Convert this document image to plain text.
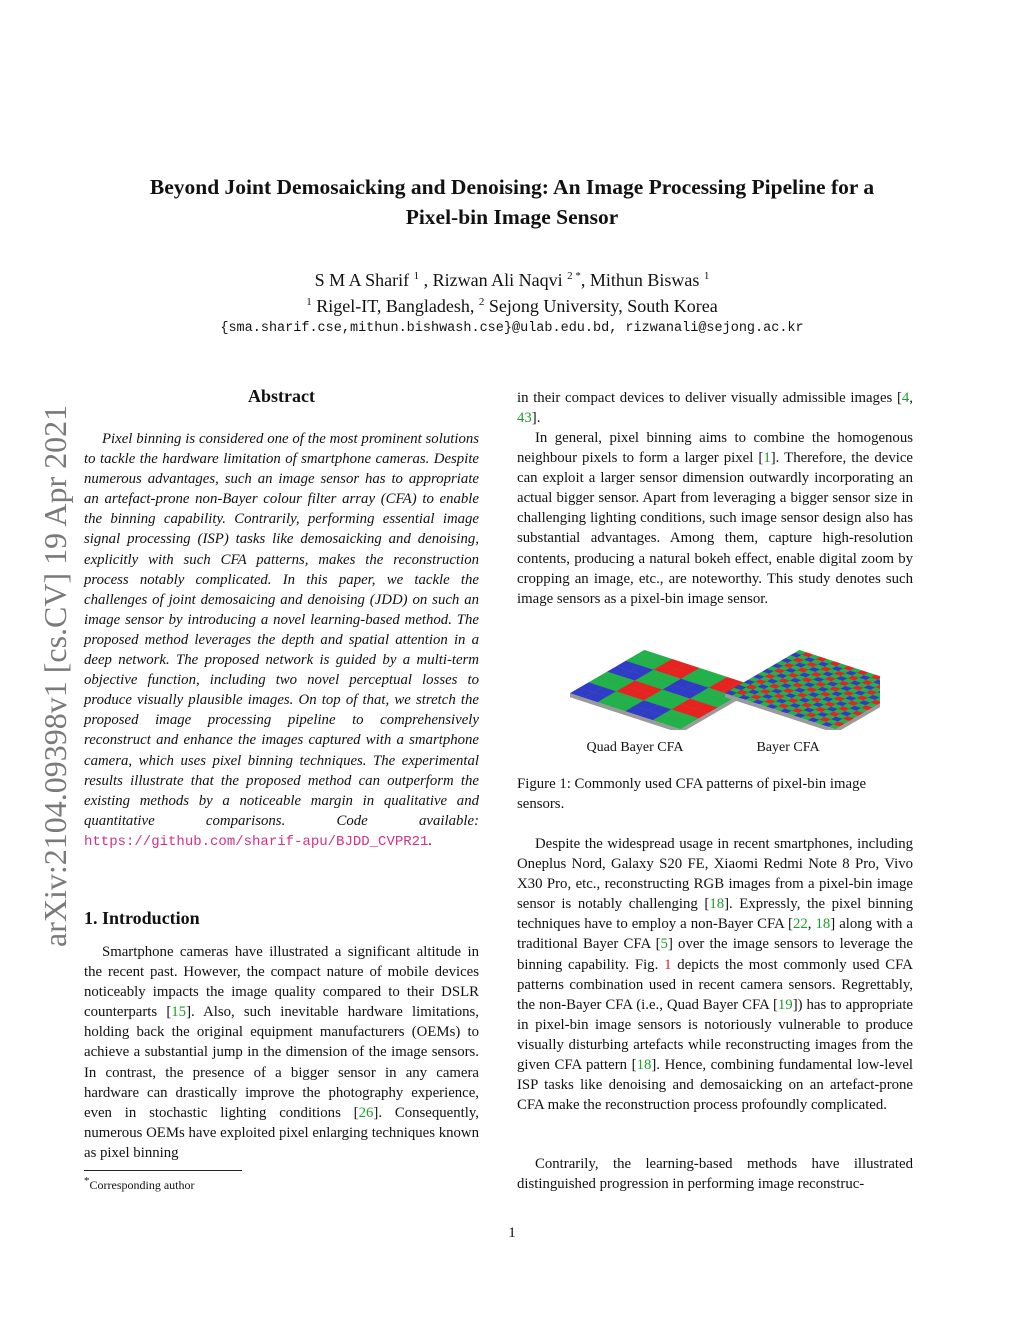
arXiv:2104.09398v1 [cs.CV] 19 Apr 2021
Beyond Joint Demosaicking and Denoising: An Image Processing Pipeline for a
Pixel-bin Image Sensor
S M A Sharif $^1$ , Rizwan Ali Naqvi $^{2 *}$, Mithun Biswas $^1$
$^1$ Rigel-IT, Bangladesh, $^2$ Sejong University, South Korea
{sma.sharif.cse,mithun.bishwash.cse}@ulab.edu.bd, rizwanali@sejong.ac.kr
Abstract

Pixel binning is considered one of the most prominent solutions to tackle the hardware limitation of smartphone cameras. Despite numerous advantages, such an image sensor has to appropriate an artefact-prone non-Bayer colour filter array (CFA) to enable the binning capability. Contrarily, performing essential image signal processing (ISP) tasks like demosaicking and denoising, explicitly with such CFA patterns, makes the reconstruction process notably complicated. In this paper, we tackle the challenges of joint demosaicing and denoising (JDD) on such an image sensor by introducing a novel learning-based method. The proposed method leverages the depth and spatial attention in a deep network. The proposed network is guided by a multi-term objective function, including two novel perceptual losses to produce visually plausible images. On top of that, we stretch the proposed image processing pipeline to comprehensively reconstruct and enhance the images captured with a smartphone camera, which uses pixel binning techniques. The experimental results illustrate that the proposed method can outperform the existing methods by a noticeable margin in qualitative and quantitative comparisons. Code available: https://github.com/sharif-apu/BJDD_CVPR21.

1. Introduction

Smartphone cameras have illustrated a significant altitude in the recent past. However, the compact nature of mobile devices noticeably impacts the image quality compared to their DSLR counterparts [15]. Also, such inevitable hardware limitations, holding back the original equipment manufacturers (OEMs) to achieve a substantial jump in the dimension of the image sensors. In contrast, the presence of a bigger sensor in any camera hardware can drastically improve the photography experience, even in stochastic lighting conditions [26]. Consequently, numerous OEMs have exploited pixel enlarging techniques known as pixel binning

*Corresponding author

in their compact devices to deliver visually admissible images [4, 43].

In general, pixel binning aims to combine the homogenous neighbour pixels to form a larger pixel [1]. Therefore, the device can exploit a larger sensor dimension outwardly incorporating an actual bigger sensor. Apart from leveraging a bigger sensor size in challenging lighting conditions, such image sensor design also has substantial advantages. Among them, capture high-resolution contents, producing a natural bokeh effect, enable digital zoom by cropping an image, etc., are noteworthy. This study denotes such image sensors as a pixel-bin image sensor.

Quad Bayer CFA	Bayer CFA
Figure 1: Commonly used CFA patterns of pixel-bin image sensors.

Despite the widespread usage in recent smartphones, including Oneplus Nord, Galaxy S20 FE, Xiaomi Redmi Note 8 Pro, Vivo X30 Pro, etc., reconstructing RGB images from a pixel-bin image sensor is notably challenging [18]. Expressly, the pixel binning techniques have to employ a non-Bayer CFA [22, 18] along with a traditional Bayer CFA [5] over the image sensors to leverage the binning capability. Fig. 1 depicts the most commonly used CFA patterns combination used in recent camera sensors. Regrettably, the non-Bayer CFA (i.e., Quad Bayer CFA [19]) has to appropriate in pixel-bin image sensors is notoriously vulnerable to produce visually disturbing artefacts while reconstructing images from the given CFA pattern [18]. Hence, combining fundamental low-level ISP tasks like denoising and demosaicking on an artefact-prone CFA make the reconstruction process profoundly complicated.

Contrarily, the learning-based methods have illustrated distinguished progression in performing image reconstruc-

1
